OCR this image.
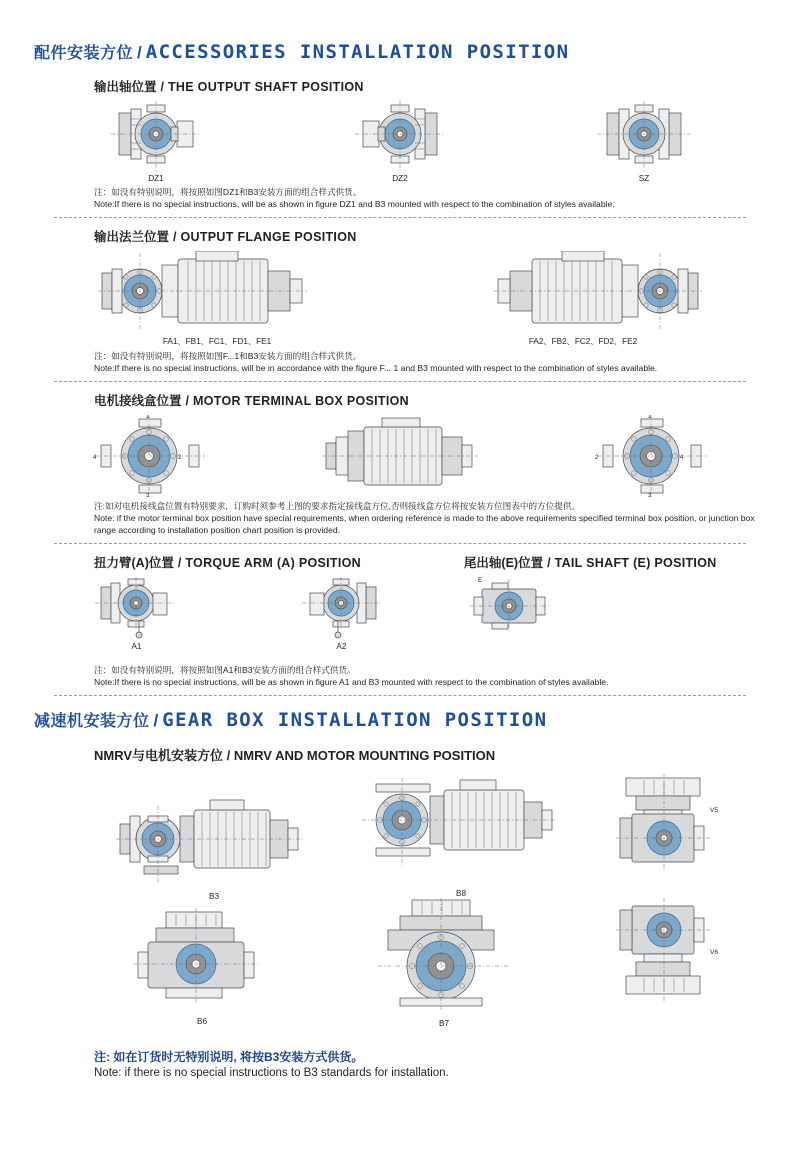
配件安装方位 / ACCESSORIES INSTALLATION POSITION
输出轴位置 / THE OUTPUT SHAFT POSITION
DZ1	DZ2	SZ
注：如没有特别说明，将按照如图DZ1和B3安装方面的组合样式供货。
Note:If there is no special instructions, will be as shown in figure DZ1 and B3 mounted with respect to the combination of styles available.
输出法兰位置 / OUTPUT FLANGE POSITION
FA1、FB1、FC1、FD1、FE1	FA2、FB2、FC2、FD2、FE2
注：如没有特别说明，将按照如图F...1和B3安装方面的组合样式供货。
Note:If there is no special instructions, will be in accordance with the figure F... 1 and B3 mounted with respect to the combination of styles available.
电机接线盒位置 / MOTOR TERMINAL BOX POSITION
1
2
3
4
1
2
3
4
注:如对电机接线盒位置有特别要求，订购时须参考上图的要求指定接线盒方位,否则接线盒方位将按安装方位图表中的方位提供。
Note: if the motor terminal box position have special requirements, when ordering reference is made to the above requirements specified terminal box position, or junction box range according to installation position chart position is provided.
扭力臂(A)位置 / TORQUE ARM (A) POSITION
A1	A2
尾出轴(E)位置 / TAIL SHAFT (E) POSITION
E
注：如没有特别说明，将按照如图A1和B3安装方面的组合样式供货。
Note:If there is no special instructions, will be as shown in figure A1 and B3 mounted with respect to the combination of styles available.
减速机安装方位 / GEAR BOX INSTALLATION POSITION
NMRV与电机安装方位 / NMRV AND MOTOR MOUNTING POSITION
B3	B8
V5
B6	B7
V6
注: 如在订货时无特别说明, 将按B3安装方式供货。
Note: if there is no special instructions to B3 standards for installation.
